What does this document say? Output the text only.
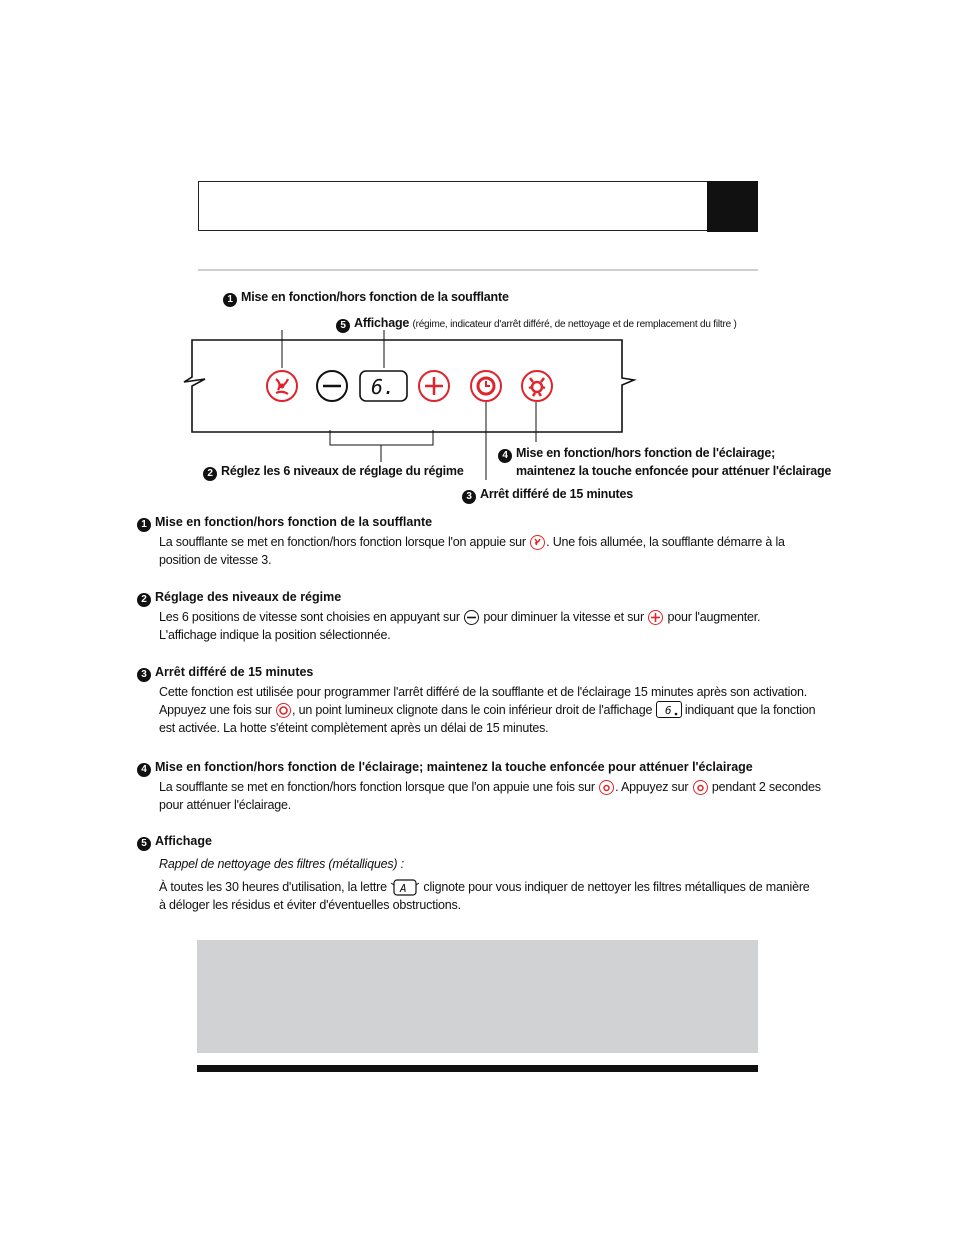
6.
1 Mise en fonction/hors fonction de la soufflante
5 Affichage (régime, indicateur d'arrêt différé, de nettoyage et de remplacement du filtre )
4 Mise en fonction/hors fonction de l'éclairage;
maintenez la touche enfoncée pour atténuer l'éclairage
2 Réglez les 6 niveaux de réglage du régime
3 Arrêt différé de 15 minutes
1 Mise en fonction/hors fonction de la soufflante
La soufflante se met en fonction/hors fonction lorsque l'on appuie sur . Une fois allumée, la soufflante démarre à la
position de vitesse 3.
2 Réglage des niveaux de régime
Les 6 positions de vitesse sont choisies en appuyant sur pour diminuer la vitesse et sur pour l'augmenter.
L'affichage indique la position sélectionnée.
3 Arrêt différé de 15 minutes
Cette fonction est utilisée pour programmer l'arrêt différé de la soufflante et de l'éclairage 15 minutes après son activation.
Appuyez une fois sur , un point lumineux clignote dans le coin inférieur droit de l'affichage 6 indiquant que la fonction
est activée. La hotte s'éteint complètement après un délai de 15 minutes.
4 Mise en fonction/hors fonction de l'éclairage; maintenez la touche enfoncée pour atténuer l'éclairage
La soufflante se met en fonction/hors fonction lorsque que l'on appuie une fois sur . Appuyez sur pendant 2 secondes
pour atténuer l'éclairage.
5 Affichage
Rappel de nettoyage des filtres (métalliques) :
À toutes les 30 heures d'utilisation, la lettre A clignote pour vous indiquer de nettoyer les filtres métalliques de manière
à déloger les résidus et éviter d'éventuelles obstructions.
